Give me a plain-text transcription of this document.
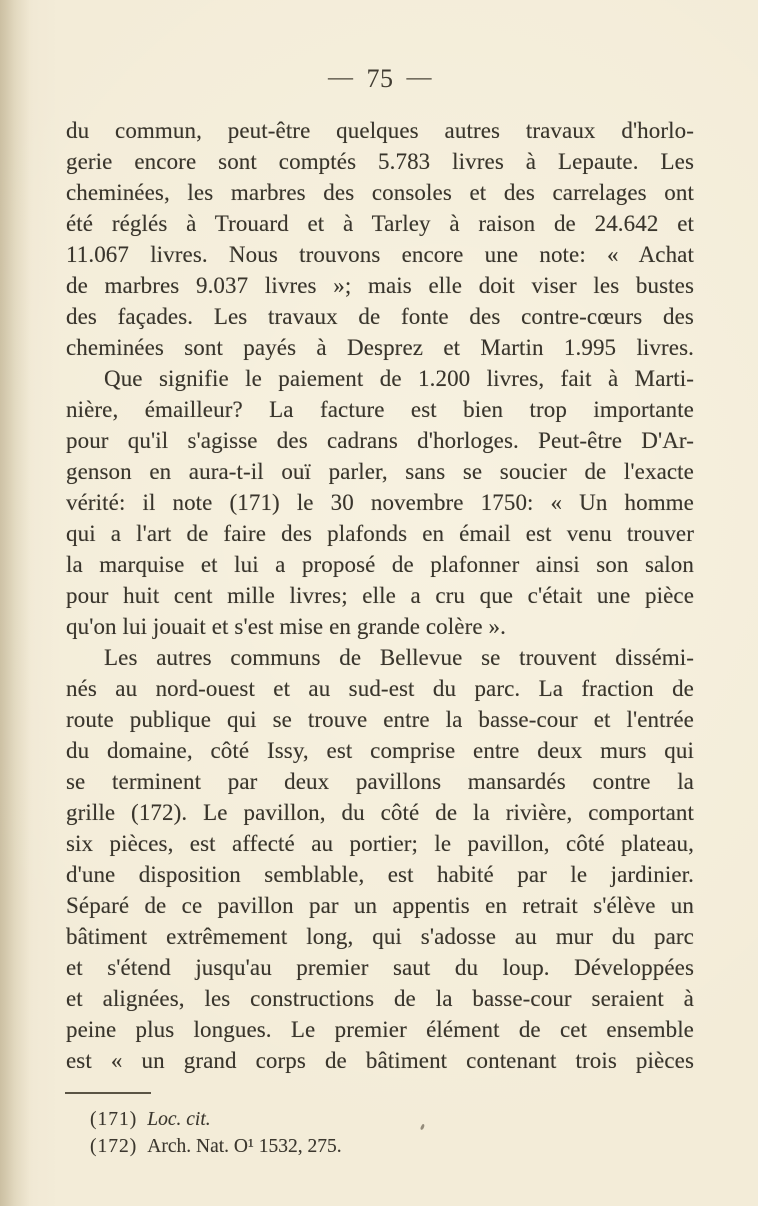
— 75 —
du commun, peut-être quelques autres travaux d'horlo-
gerie encore sont comptés 5.783 livres à Lepaute. Les
cheminées, les marbres des consoles et des carrelages ont
été réglés à Trouard et à Tarley à raison de 24.642 et
11.067 livres. Nous trouvons encore une note: « Achat
de marbres 9.037 livres »; mais elle doit viser les bustes
des façades. Les travaux de fonte des contre-cœurs des
cheminées sont payés à Desprez et Martin 1.995 livres.
Que signifie le paiement de 1.200 livres, fait à Marti-
nière, émailleur? La facture est bien trop importante
pour qu'il s'agisse des cadrans d'horloges. Peut-être D'Ar-
genson en aura-t-il ouï parler, sans se soucier de l'exacte
vérité: il note (171) le 30 novembre 1750: « Un homme
qui a l'art de faire des plafonds en émail est venu trouver
la marquise et lui a proposé de plafonner ainsi son salon
pour huit cent mille livres; elle a cru que c'était une pièce
qu'on lui jouait et s'est mise en grande colère ».
Les autres communs de Bellevue se trouvent dissémi-
nés au nord-ouest et au sud-est du parc. La fraction de
route publique qui se trouve entre la basse-cour et l'entrée
du domaine, côté Issy, est comprise entre deux murs qui
se terminent par deux pavillons mansardés contre la
grille (172). Le pavillon, du côté de la rivière, comportant
six pièces, est affecté au portier; le pavillon, côté plateau,
d'une disposition semblable, est habité par le jardinier.
Séparé de ce pavillon par un appentis en retrait s'élève un
bâtiment extrêmement long, qui s'adosse au mur du parc
et s'étend jusqu'au premier saut du loup. Développées
et alignées, les constructions de la basse-cour seraient à
peine plus longues. Le premier élément de cet ensemble
est « un grand corps de bâtiment contenant trois pièces
(171) Loc. cit.
(172) Arch. Nat. O¹ 1532, 275.
